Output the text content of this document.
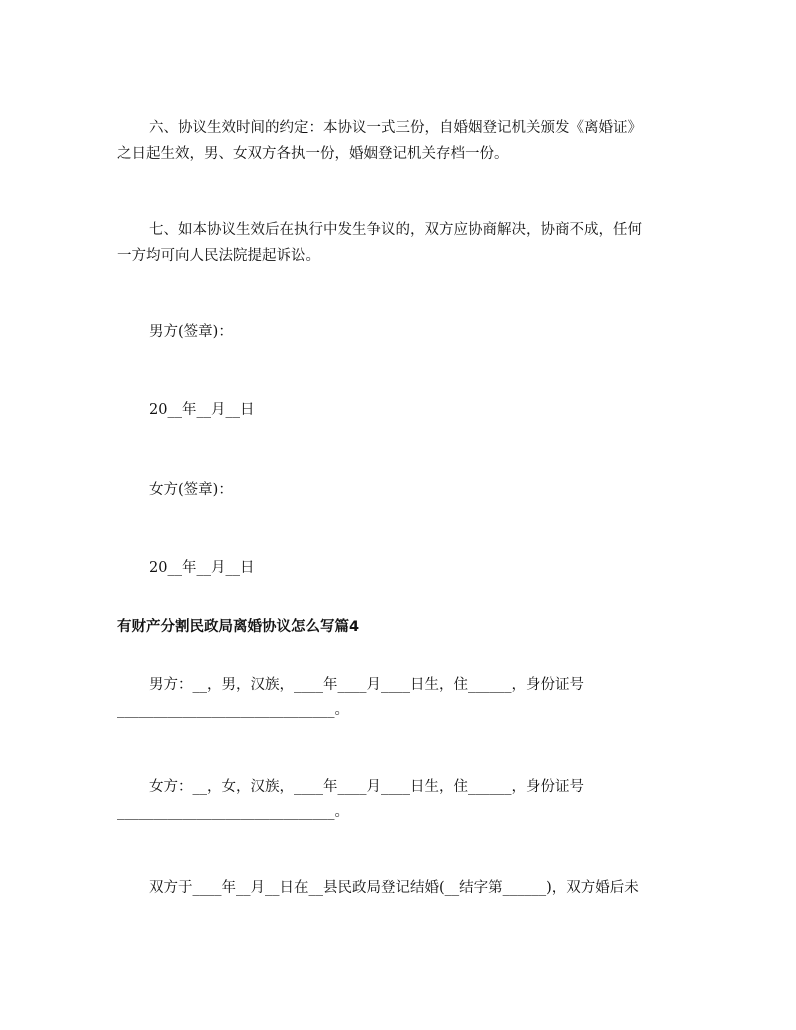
六、协议生效时间的约定：本协议一式三份，自婚姻登记机关颁发《离婚证》

之日起生效，男、女双方各执一份，婚姻登记机关存档一份。

七、如本协议生效后在执行中发生争议的，双方应协商解决，协商不成，任何

一方均可向人民法院提起诉讼。

男方(签章)：

20__年__月__日

女方(签章)：

20__年__月__日

有财产分割民政局离婚协议怎么写篇4

男方：__，男，汉族，____年____月____日生，住______，身份证号

______________________________。

女方：__，女，汉族，____年____月____日生，住______，身份证号

______________________________。

双方于____年__月__日在__县民政局登记结婚(__结字第______)，双方婚后未
